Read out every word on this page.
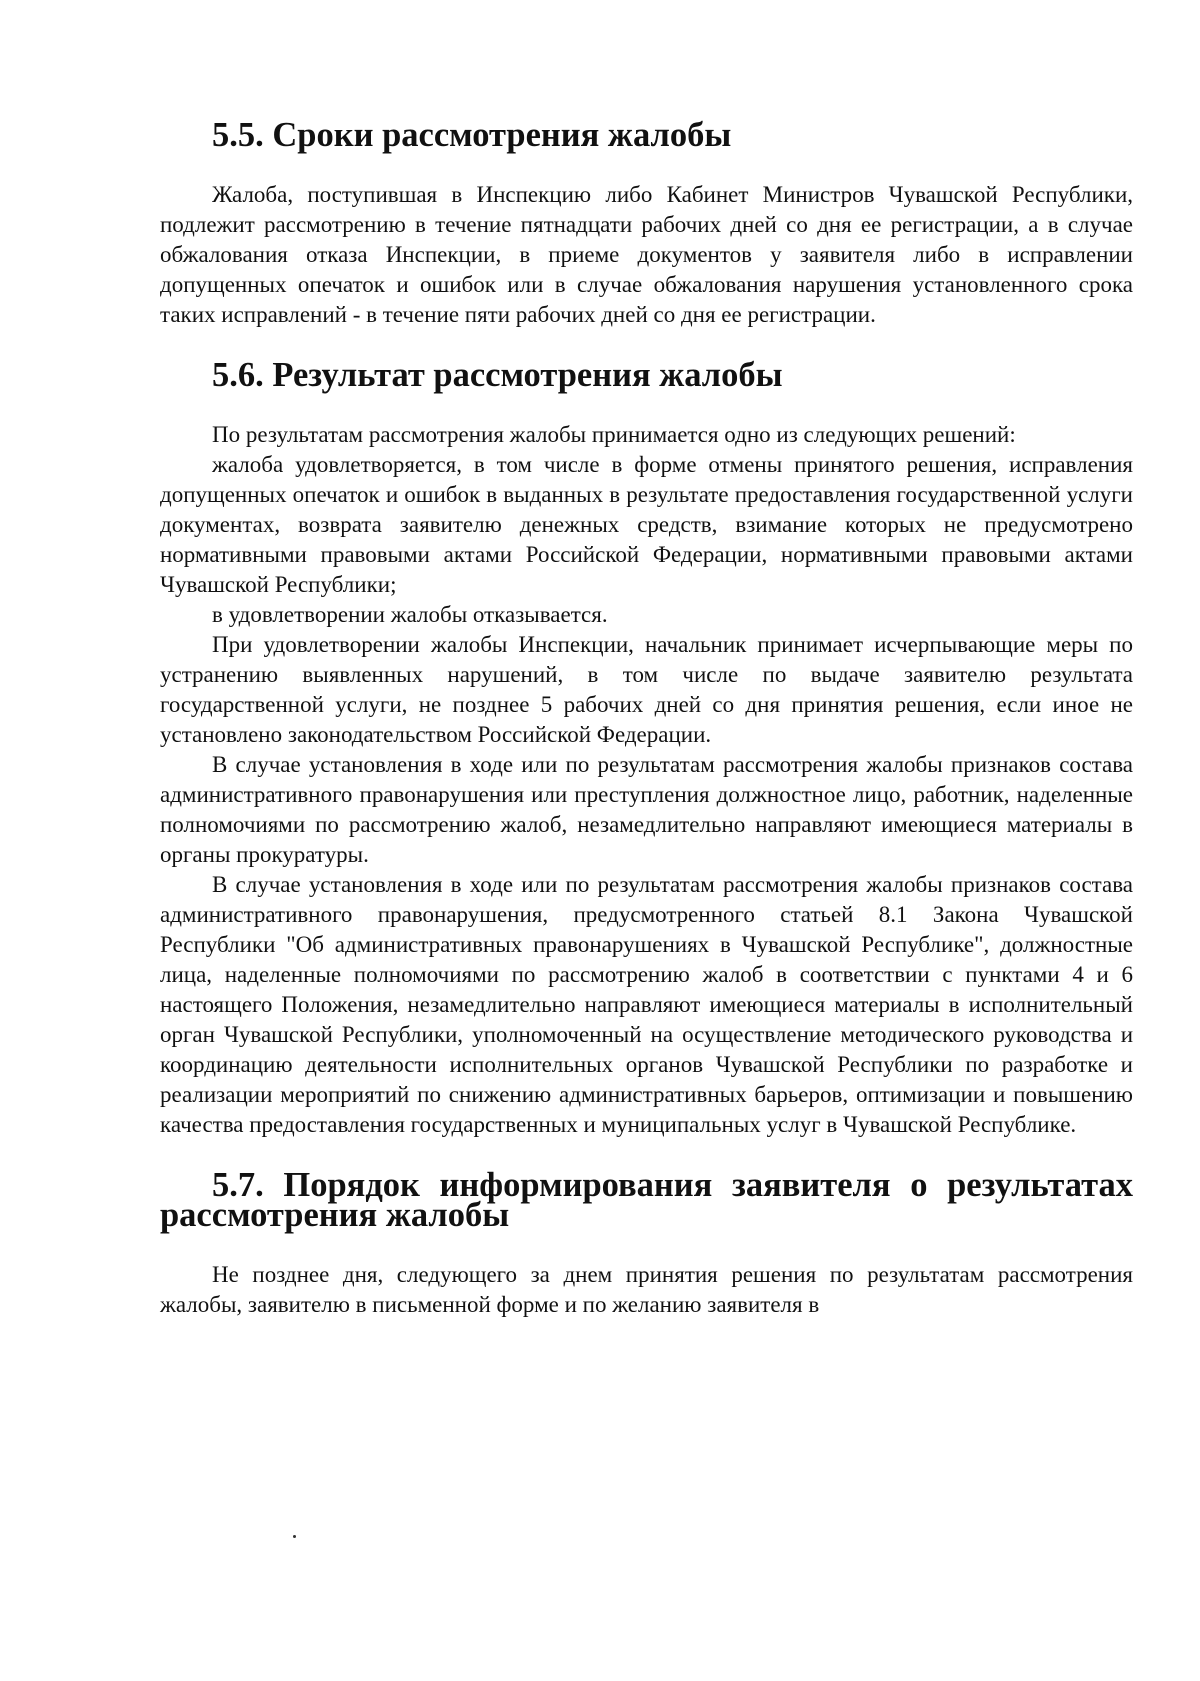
5.5. Сроки рассмотрения жалобы

Жалоба, поступившая в Инспекцию либо Кабинет Министров Чувашской Республики, подлежит рассмотрению в течение пятнадцати рабочих дней со дня ее регистрации, а в случае обжалования отказа Инспекции, в приеме документов у заявителя либо в исправлении допущенных опечаток и ошибок или в случае обжалования нарушения установленного срока таких исправлений - в течение пяти рабочих дней со дня ее регистрации.

5.6. Результат рассмотрения жалобы

По результатам рассмотрения жалобы принимается одно из следующих решений:

жалоба удовлетворяется, в том числе в форме отмены принятого решения, исправления допущенных опечаток и ошибок в выданных в результате предоставления государственной услуги документах, возврата заявителю денежных средств, взимание которых не предусмотрено нормативными правовыми актами Российской Федерации, нормативными правовыми актами Чувашской Республики;

в удовлетворении жалобы отказывается.

При удовлетворении жалобы Инспекции, начальник принимает исчерпывающие меры по устранению выявленных нарушений, в том числе по выдаче заявителю результата государственной услуги, не позднее 5 рабочих дней со дня принятия решения, если иное не установлено законодательством Российской Федерации.

В случае установления в ходе или по результатам рассмотрения жалобы признаков состава административного правонарушения или преступления должностное лицо, работник, наделенные полномочиями по рассмотрению жалоб, незамедлительно направляют имеющиеся материалы в органы прокуратуры.

В случае установления в ходе или по результатам рассмотрения жалобы признаков состава административного правонарушения, предусмотренного статьей 8.1 Закона Чувашской Республики "Об административных правонарушениях в Чувашской Республике", должностные лица, наделенные полномочиями по рассмотрению жалоб в соответствии с пунктами 4 и 6 настоящего Положения, незамедлительно направляют имеющиеся материалы в исполнительный орган Чувашской Республики, уполномоченный на осуществление методического руководства и координацию деятельности исполнительных органов Чувашской Республики по разработке и реализации мероприятий по снижению административных барьеров, оптимизации и повышению качества предоставления государственных и муниципальных услуг в Чувашской Республике.

5.7. Порядок информирования заявителя о результатах рассмотрения жалобы

Не позднее дня, следующего за днем принятия решения по результатам рассмотрения жалобы, заявителю в письменной форме и по желанию заявителя в
